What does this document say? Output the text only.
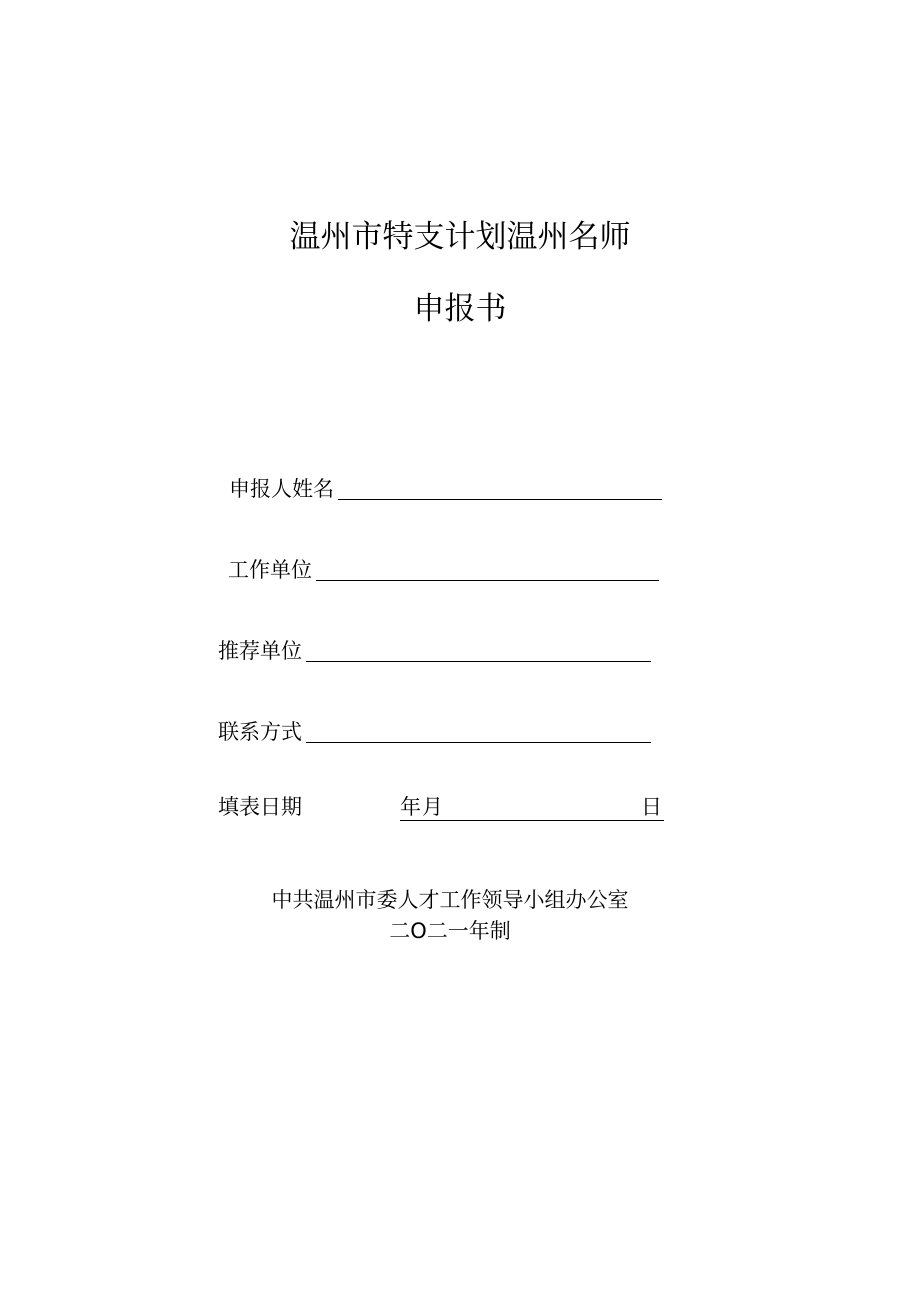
温州市特支计划温州名师
申报书
申报人姓名
工作单位
推荐单位
联系方式
填表日期	年 月	日
中共温州市委人才工作领导小组办公室
二O二一年制
